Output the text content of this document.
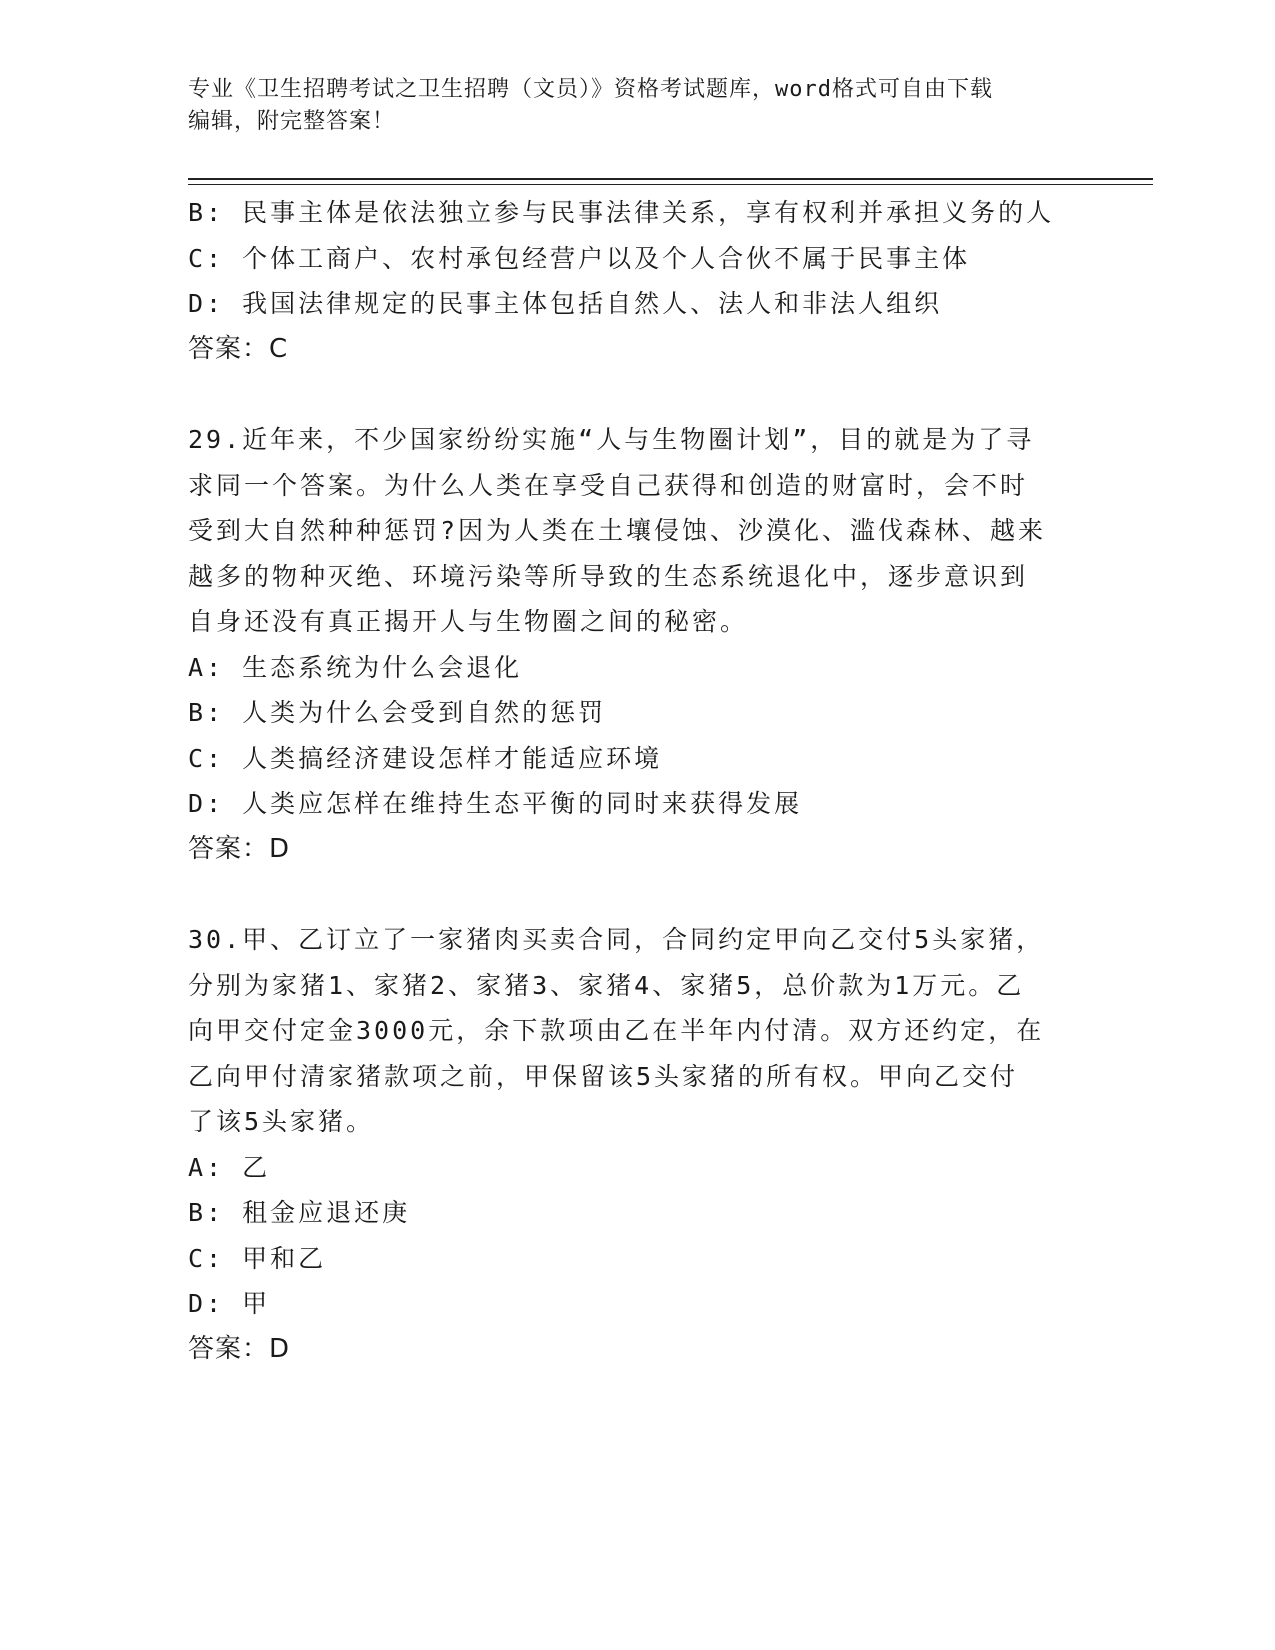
专业《卫生招聘考试之卫生招聘（文员）》资格考试题库，word格式可自由下载
编辑，附完整答案！
B: 民事主体是依法独立参与民事法律关系，享有权利并承担义务的人
C: 个体工商户、农村承包经营户以及个人合伙不属于民事主体
D: 我国法律规定的民事主体包括自然人、法人和非法人组织
答案：C
29.近年来，不少国家纷纷实施“人与生物圈计划”，目的就是为了寻
求同一个答案。为什么人类在享受自己获得和创造的财富时，会不时
受到大自然种种惩罚?因为人类在土壤侵蚀、沙漠化、滥伐森林、越来
越多的物种灭绝、环境污染等所导致的生态系统退化中，逐步意识到
自身还没有真正揭开人与生物圈之间的秘密。
A: 生态系统为什么会退化
B: 人类为什么会受到自然的惩罚
C: 人类搞经济建设怎样才能适应环境
D: 人类应怎样在维持生态平衡的同时来获得发展
答案：D
30.甲、乙订立了一家猪肉买卖合同，合同约定甲向乙交付5头家猪，
分别为家猪1、家猪2、家猪3、家猪4、家猪5，总价款为1万元。乙
向甲交付定金3000元，余下款项由乙在半年内付清。双方还约定，在
乙向甲付清家猪款项之前，甲保留该5头家猪的所有权。甲向乙交付
了该5头家猪。
A: 乙
B: 租金应退还庚
C: 甲和乙
D: 甲
答案：D
